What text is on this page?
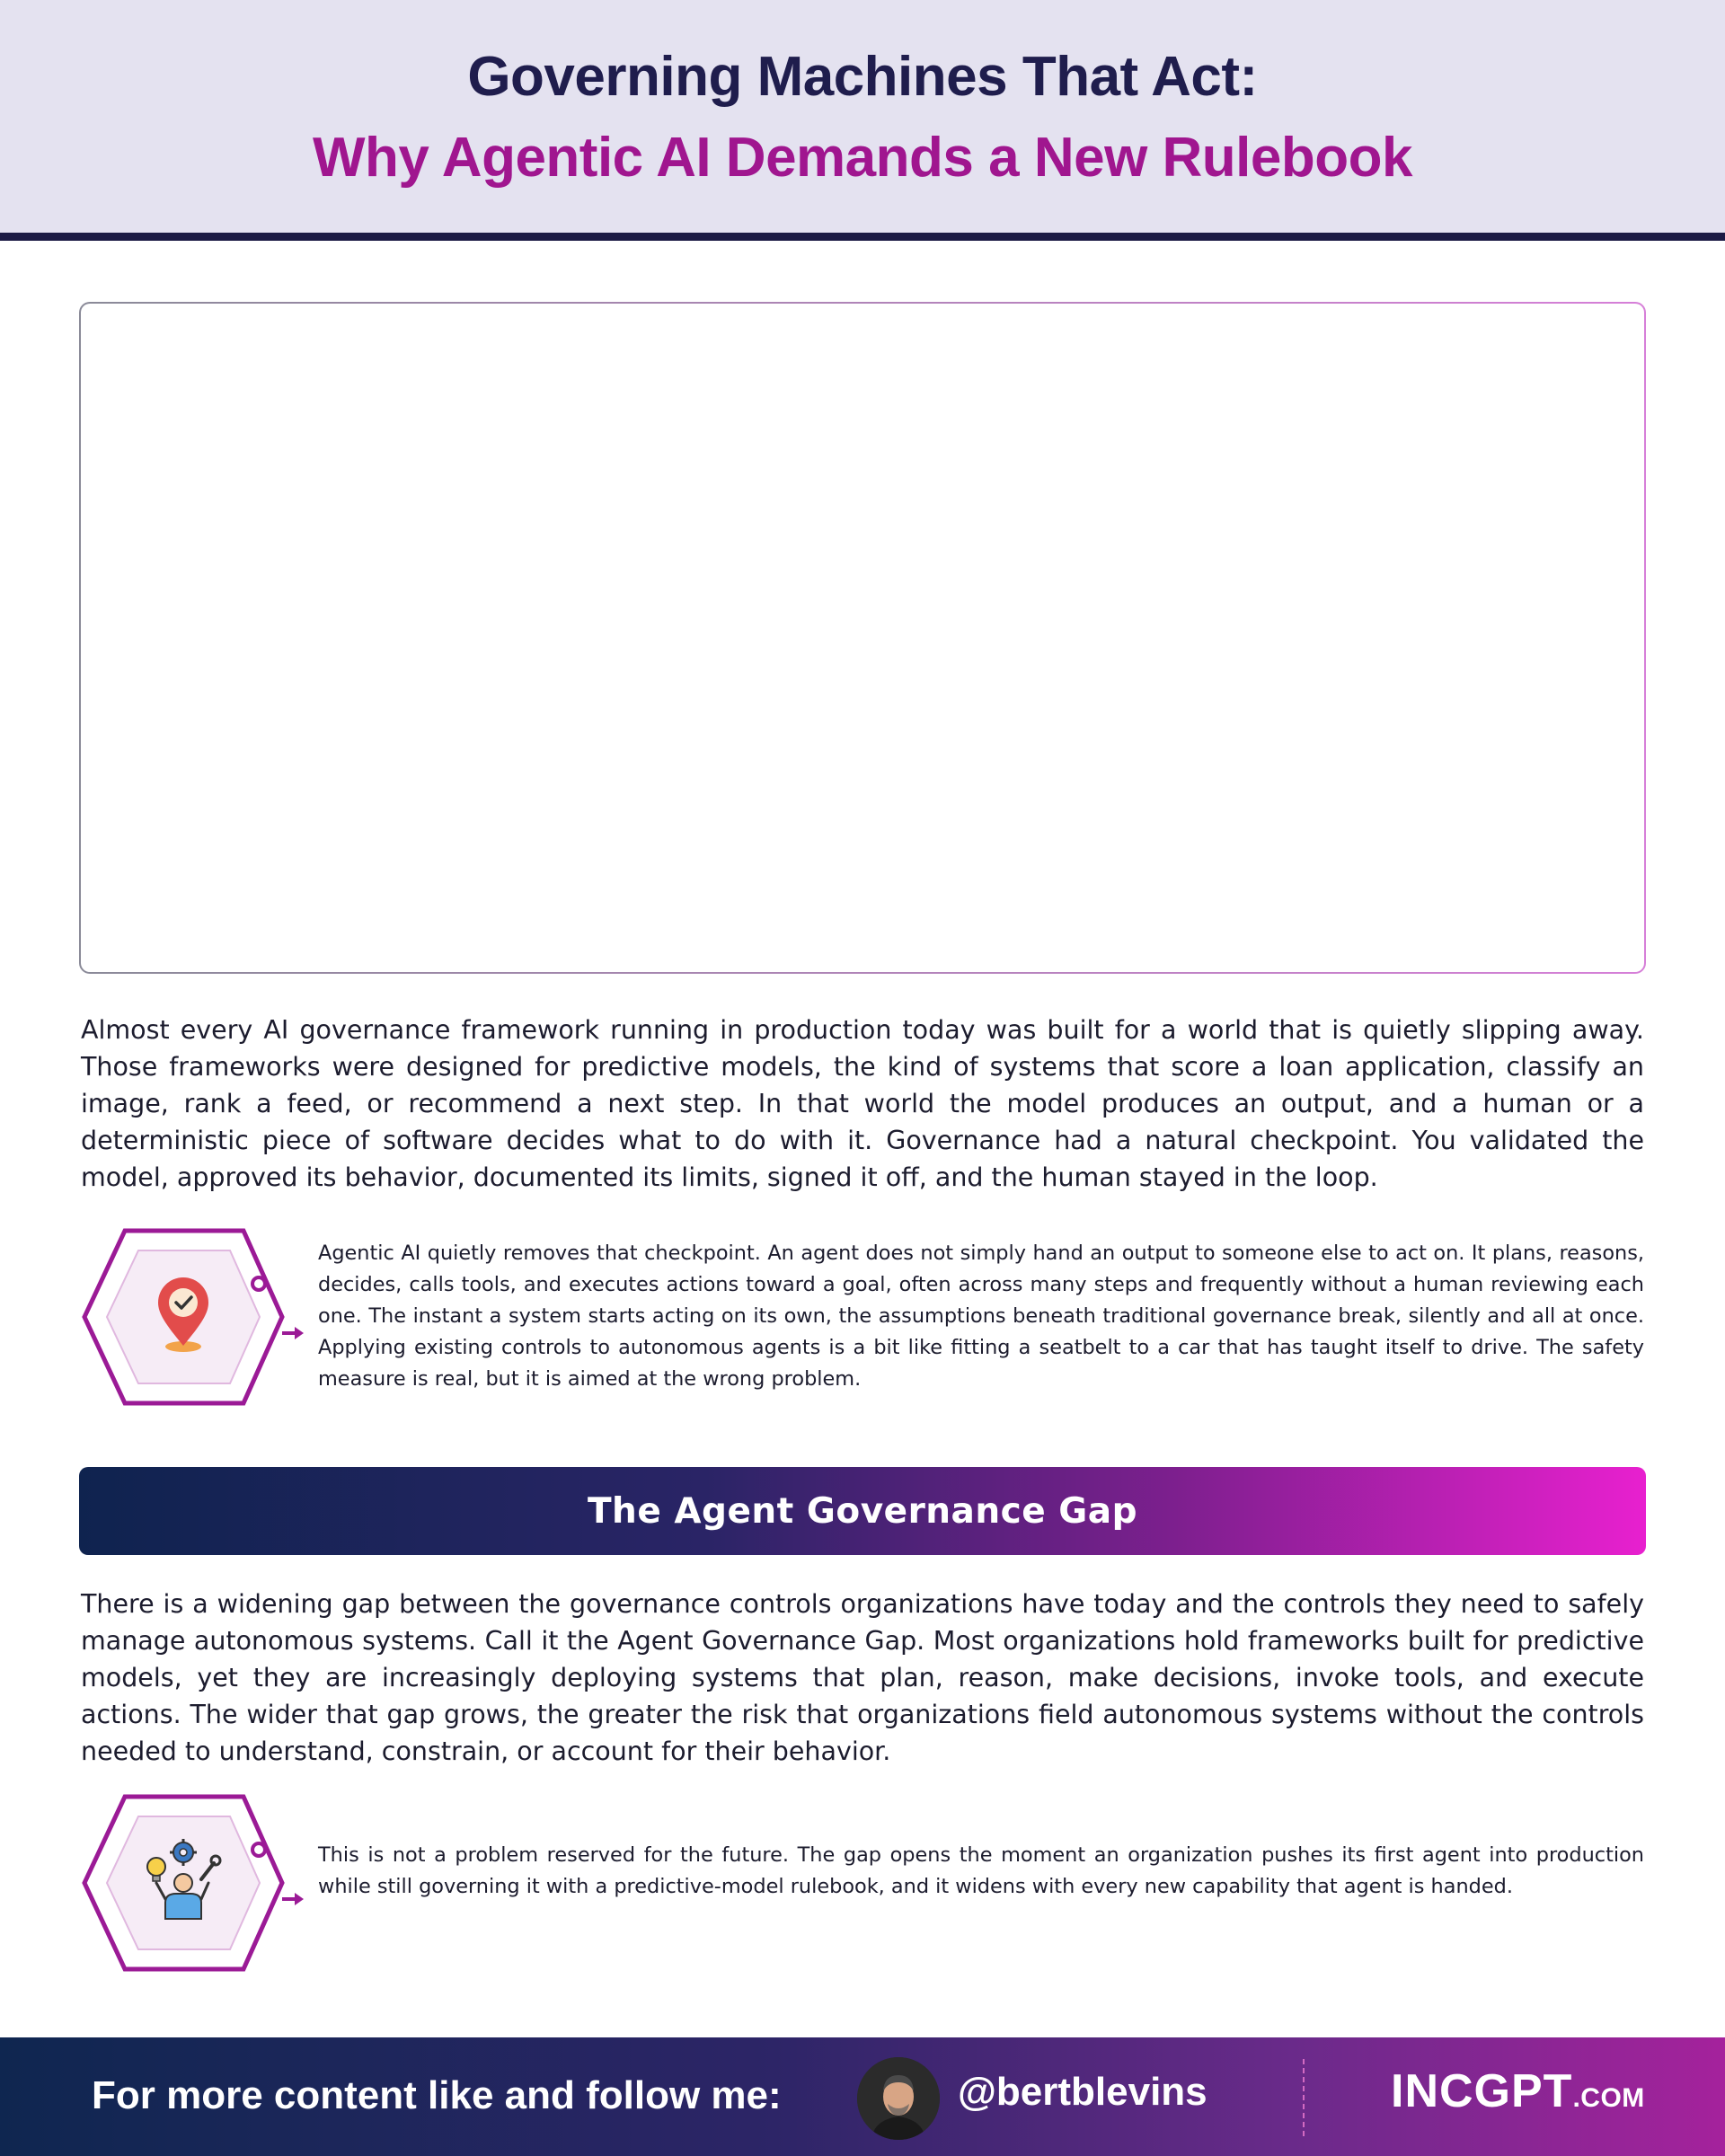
Governing Machines That Act:
Why Agentic AI Demands a New Rulebook

Almost every AI governance framework running in production today was built for a world that is quietly slipping away. Those frameworks were designed for predictive models, the kind of systems that score a loan application, classify an image, rank a feed, or recommend a next step. In that world the model produces an output, and a human or a deterministic piece of software decides what to do with it. Governance had a natural checkpoint. You validated the model, approved its behavior, documented its limits, signed it off, and the human stayed in the loop.

Agentic AI quietly removes that checkpoint. An agent does not simply hand an output to someone else to act on. It plans, reasons, decides, calls tools, and executes actions toward a goal, often across many steps and frequently without a human reviewing each one. The instant a system starts acting on its own, the assumptions beneath traditional governance break, silently and all at once. Applying existing controls to autonomous agents is a bit like fitting a seatbelt to a car that has taught itself to drive. The safety measure is real, but it is aimed at the wrong problem.

The Agent Governance Gap

There is a widening gap between the governance controls organizations have today and the controls they need to safely manage autonomous systems. Call it the Agent Governance Gap. Most organizations hold frameworks built for predictive models, yet they are increasingly deploying systems that plan, reason, make decisions, invoke tools, and execute actions. The wider that gap grows, the greater the risk that organizations field autonomous systems without the controls needed to understand, constrain, or account for their behavior.

This is not a problem reserved for the future. The gap opens the moment an organization pushes its first agent into production while still governing it with a predictive-model rulebook, and it widens with every new capability that agent is handed.

For more content like and follow me:	@bertblevins	INCGPT.COM
